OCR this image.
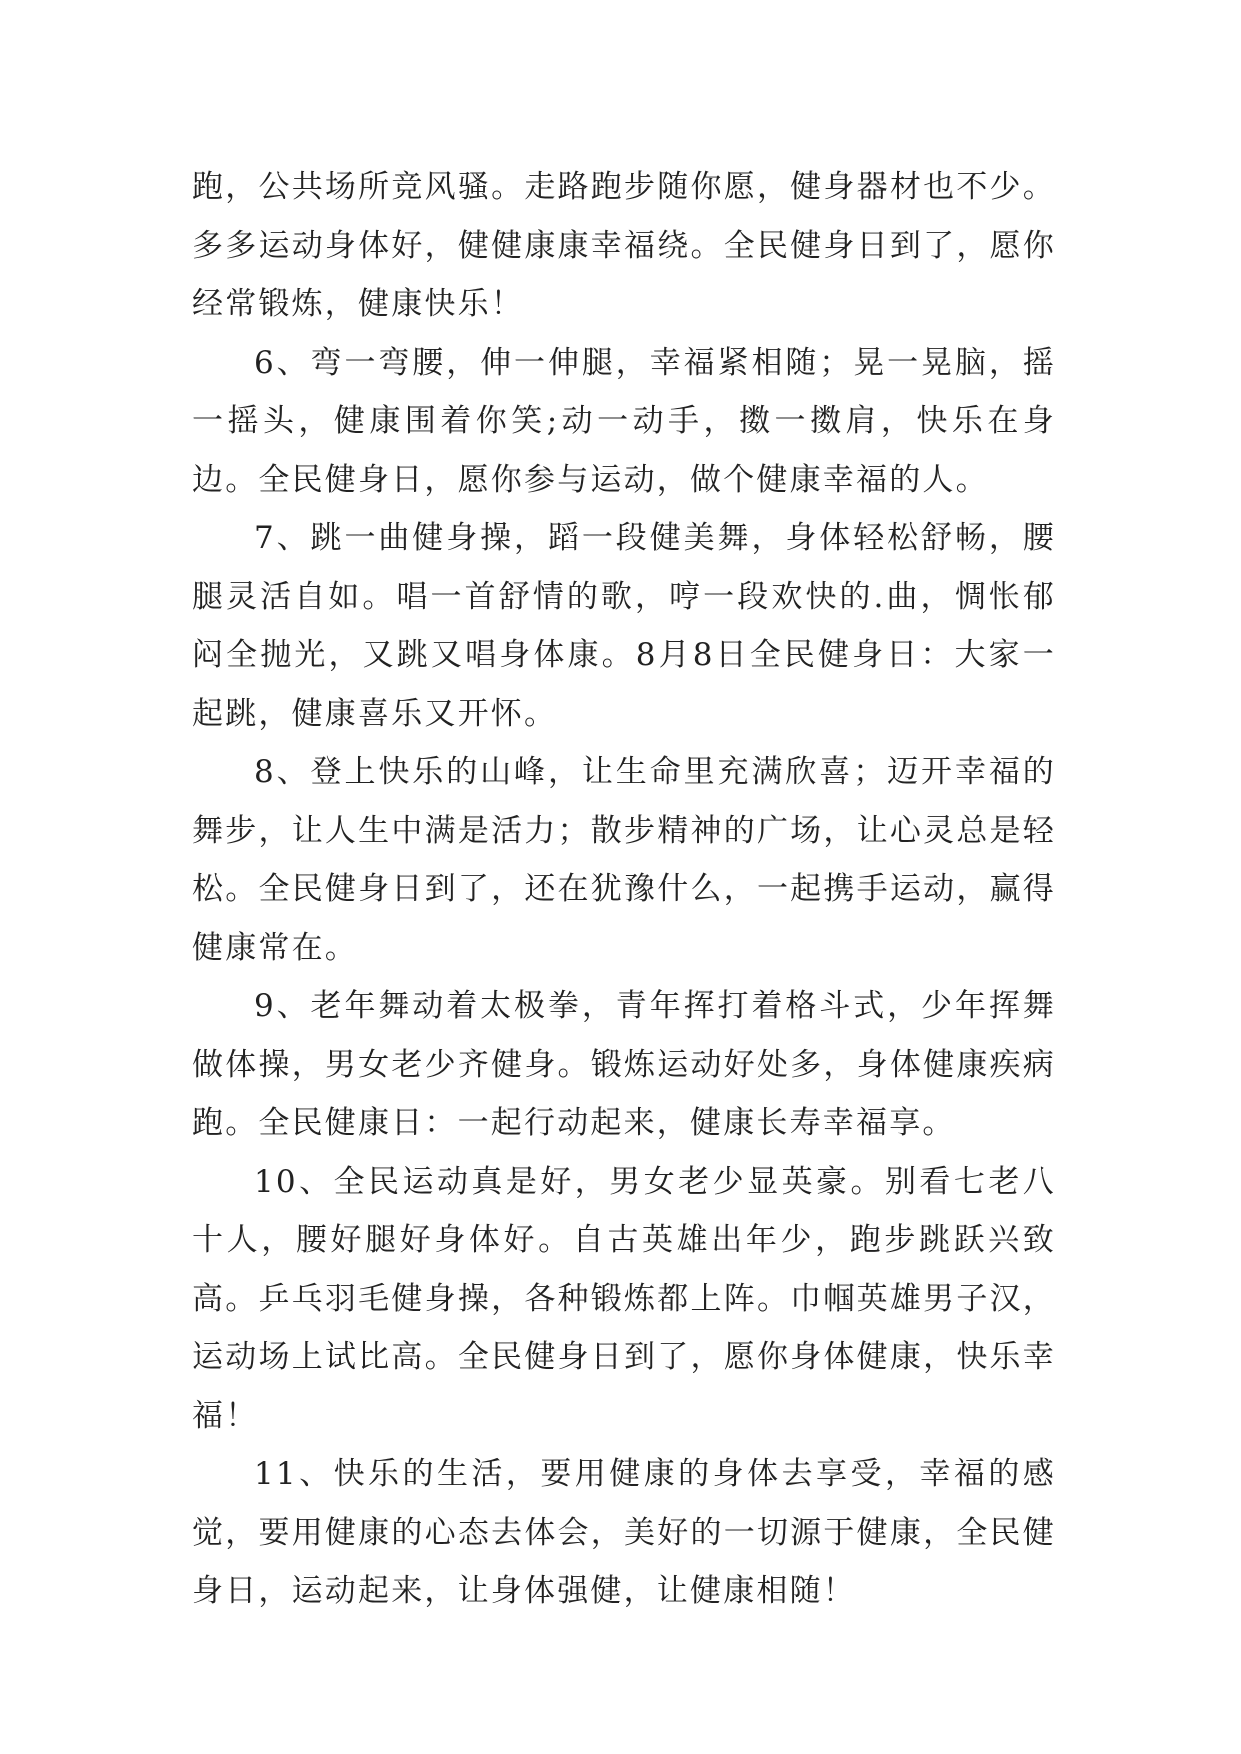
跑，公共场所竞风骚。走路跑步随你愿，健身器材也不少。多多运动身体好，健健康康幸福绕。全民健身日到了，愿你经常锻炼，健康快乐！

6、弯一弯腰，伸一伸腿，幸福紧相随；晃一晃脑，摇一摇头，健康围着你笑;动一动手，擞一擞肩，快乐在身边。全民健身日，愿你参与运动，做个健康幸福的人。

7、跳一曲健身操，蹈一段健美舞，身体轻松舒畅，腰腿灵活自如。唱一首舒情的歌，哼一段欢快的.曲，惆怅郁闷全抛光，又跳又唱身体康。8月8日全民健身日：大家一起跳，健康喜乐又开怀。

8、登上快乐的山峰，让生命里充满欣喜；迈开幸福的舞步，让人生中满是活力；散步精神的广场，让心灵总是轻松。全民健身日到了，还在犹豫什么，一起携手运动，赢得健康常在。

9、老年舞动着太极拳，青年挥打着格斗式，少年挥舞做体操，男女老少齐健身。锻炼运动好处多，身体健康疾病跑。全民健康日：一起行动起来，健康长寿幸福享。

10、全民运动真是好，男女老少显英豪。别看七老八十人，腰好腿好身体好。自古英雄出年少，跑步跳跃兴致高。乒乓羽毛健身操，各种锻炼都上阵。巾帼英雄男子汉，运动场上试比高。全民健身日到了，愿你身体健康，快乐幸福！

11、快乐的生活，要用健康的身体去享受，幸福的感觉，要用健康的心态去体会，美好的一切源于健康，全民健身日，运动起来，让身体强健，让健康相随！
